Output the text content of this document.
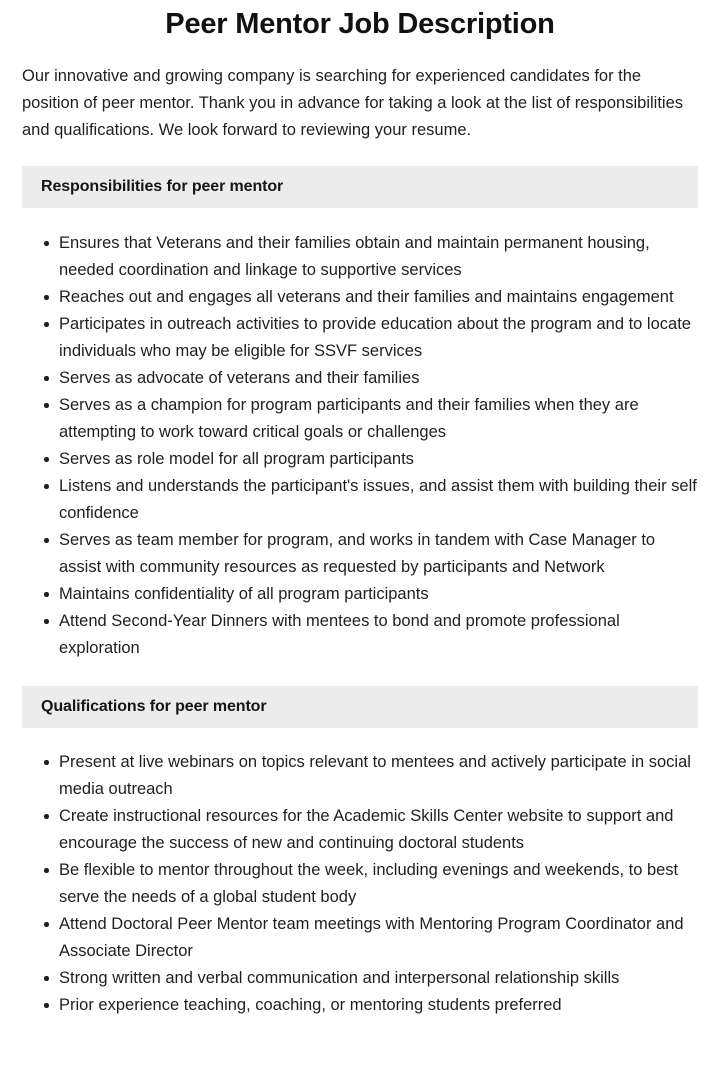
Peer Mentor Job Description

Our innovative and growing company is searching for experienced candidates for the position of peer mentor. Thank you in advance for taking a look at the list of responsibilities and qualifications. We look forward to reviewing your resume.

Responsibilities for peer mentor
Ensures that Veterans and their families obtain and maintain permanent housing, needed coordination and linkage to supportive services
Reaches out and engages all veterans and their families and maintains engagement
Participates in outreach activities to provide education about the program and to locate individuals who may be eligible for SSVF services
Serves as advocate of veterans and their families
Serves as a champion for program participants and their families when they are attempting to work toward critical goals or challenges
Serves as role model for all program participants
Listens and understands the participant's issues, and assist them with building their self confidence
Serves as team member for program, and works in tandem with Case Manager to assist with community resources as requested by participants and Network
Maintains confidentiality of all program participants
Attend Second-Year Dinners with mentees to bond and promote professional exploration
Qualifications for peer mentor
Present at live webinars on topics relevant to mentees and actively participate in social media outreach
Create instructional resources for the Academic Skills Center website to support and encourage the success of new and continuing doctoral students
Be flexible to mentor throughout the week, including evenings and weekends, to best serve the needs of a global student body
Attend Doctoral Peer Mentor team meetings with Mentoring Program Coordinator and Associate Director
Strong written and verbal communication and interpersonal relationship skills
Prior experience teaching, coaching, or mentoring students preferred
